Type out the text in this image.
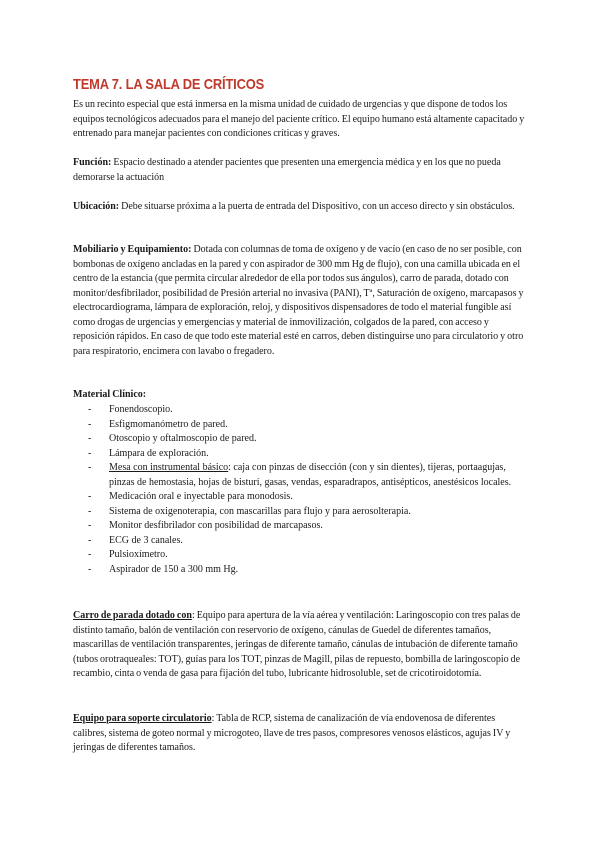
TEMA 7. LA SALA DE CRÍTICOS

Es un recinto especial que está inmersa en la misma unidad de cuidado de urgencias y que dispone de todos los equipos tecnológicos adecuados para el manejo del paciente crítico. El equipo humano está altamente capacitado y entrenado para manejar pacientes con condiciones críticas y graves.

Función: Espacio destinado a atender pacientes que presenten una emergencia médica y en los que no pueda demorarse la actuación

Ubicación: Debe situarse próxima a la puerta de entrada del Dispositivo, con un acceso directo y sin obstáculos.

Mobiliario y Equipamiento: Dotada con columnas de toma de oxígeno y de vacío (en caso de no ser posible, con bombonas de oxígeno ancladas en la pared y con aspirador de 300 mm Hg de flujo), con una camilla ubicada en el centro de la estancia (que permita circular alrededor de ella por todos sus ángulos), carro de parada, dotado con monitor/desfibrilador, posibilidad de Presión arterial no invasiva (PANI), Tª, Saturación de oxígeno, marcapasos y electrocardiograma, lámpara de exploración, reloj, y dispositivos dispensadores de todo el material fungible así como drogas de urgencias y emergencias y material de inmovilización, colgados de la pared, con acceso y reposición rápidos. En caso de que todo este material esté en carros, deben distinguirse uno para circulatorio y otro para respiratorio, encimera con lavabo o fregadero.

Material Clínico:

- Fonendoscopio.
- Esfigmomanómetro de pared.
- Otoscopio y oftalmoscopio de pared.
- Lámpara de exploración.
- Mesa con instrumental básico: caja con pinzas de disección (con y sin dientes), tijeras, portaagujas, pinzas de hemostasia, hojas de bisturí, gasas, vendas, esparadrapos, antisépticos, anestésicos locales.
- Medicación oral e inyectable para monodosis.
- Sistema de oxigenoterapia, con mascarillas para flujo y para aerosolterapia.
- Monitor desfibrilador con posibilidad de marcapasos.
- ECG de 3 canales.
- Pulsioxímetro.
- Aspirador de 150 a 300 mm Hg.

Carro de parada dotado con: Equipo para apertura de la vía aérea y ventilación: Laringoscopio con tres palas de distinto tamaño, balón de ventilación con reservorio de oxígeno, cánulas de Guedel de diferentes tamaños, mascarillas de ventilación transparentes, jeringas de diferente tamaño, cánulas de intubación de diferente tamaño (tubos orotraqueales: TOT), guías para los TOT, pinzas de Magill, pilas de repuesto, bombilla de laringoscopio de recambio, cinta o venda de gasa para fijación del tubo, lubricante hidrosoluble, set de cricotiroidotomía.

Equipo para soporte circulatorio: Tabla de RCP, sistema de canalización de vía endovenosa de diferentes calibres, sistema de goteo normal y microgoteo, llave de tres pasos, compresores venosos elásticos, agujas IV y jeringas de diferentes tamaños.
